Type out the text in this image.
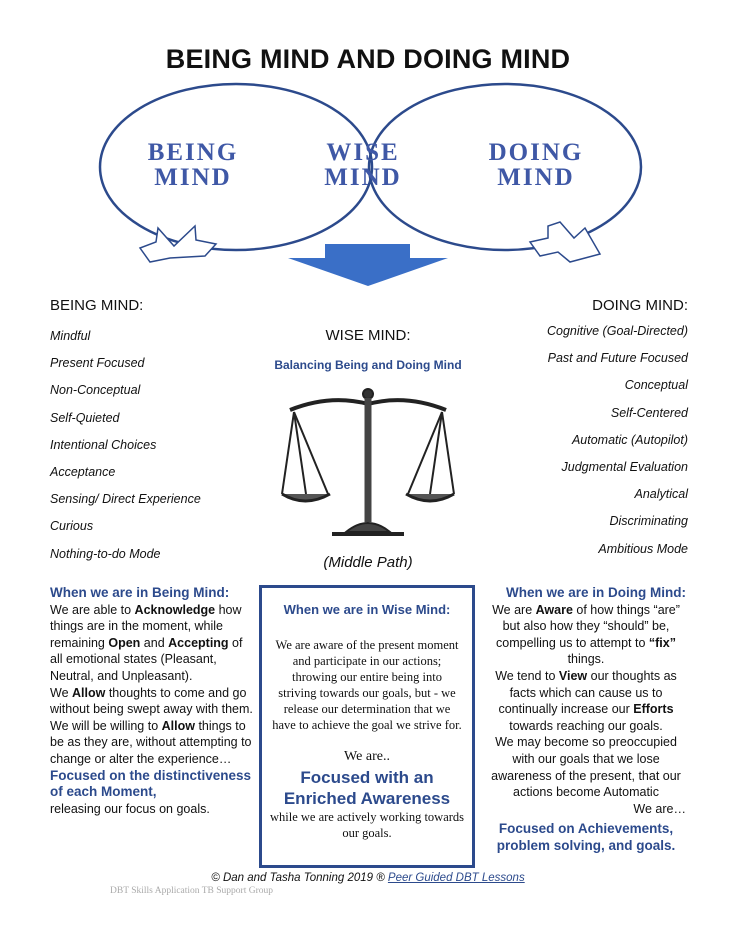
BEING MIND AND DOING MIND
BEING
MIND
WISE
MIND
DOING
MIND
BEING MIND:	DOING MIND:
Mindful
Present Focused
Non-Conceptual
Self-Quieted
Intentional Choices
Acceptance
Sensing/ Direct Experience
Curious
Nothing-to-do Mode
Cognitive (Goal-Directed)
Past and Future Focused
Conceptual
Self-Centered
Automatic (Autopilot)
Judgmental Evaluation
Analytical
Discriminating
Ambitious Mode
WISE MIND:
Balancing Being and Doing Mind
(Middle Path)
When we are in Being Mind:
We are able to Acknowledge how things are in the moment, while remaining Open and Accepting of all emotional states (Pleasant, Neutral, and Unpleasant).
We Allow thoughts to come and go without being swept away with them.
We will be willing to Allow things to be as they are, without attempting to change or alter the experience…
Focused on the distinctiveness of each Moment,
releasing our focus on goals.
When we are in Wise Mind:
We are aware of the present moment and participate in our actions; throwing our entire being into striving towards our goals, but - we release our determination that we have to achieve the goal we strive for.
We are..
Focused with an Enriched Awareness
while we are actively working towards our goals.
When we are in Doing Mind:
We are Aware of how things “are” but also how they “should” be, compelling us to attempt to “fix” things.
We tend to View our thoughts as facts which can cause us to continually increase our Efforts towards reaching our goals.
We may become so preoccupied with our goals that we lose awareness of the present, that our actions become Automatic
We are…
Focused on Achievements, problem solving, and goals.
© Dan and Tasha Tonning 2019 ® Peer Guided DBT Lessons
DBT Skills Application TB Support Group
